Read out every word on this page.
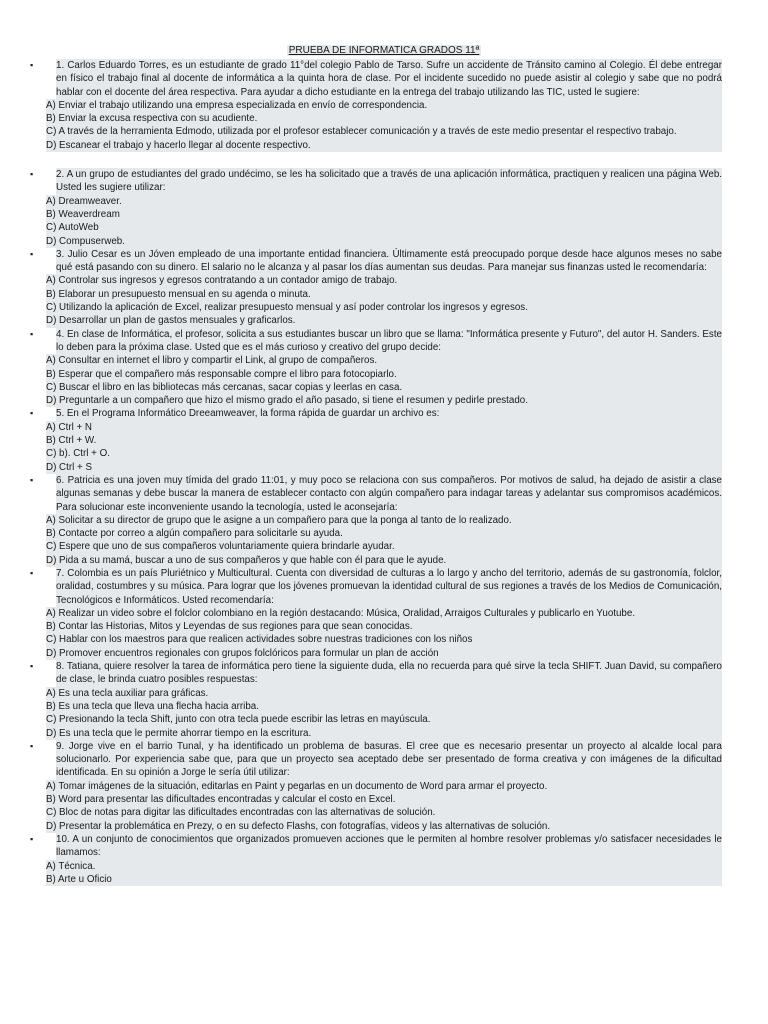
PRUEBA DE INFORMATICA GRADOS 11ª
▪ 1. Carlos Eduardo Torres, es un estudiante de grado 11°del colegio Pablo de Tarso. Sufre un accidente de Tránsito camino al Colegio. Él debe entregar en físico el trabajo final al docente de informática a la quinta hora de clase. Por el incidente sucedido no puede asistir al colegio y sabe que no podrá hablar con el docente del área respectiva. Para ayudar a dicho estudiante en la entrega del trabajo utilizando las TIC, usted le sugiere:
A) Enviar el trabajo utilizando una empresa especializada en envío de correspondencia.
B) Enviar la excusa respectiva con su acudiente.
C) A través de la herramienta Edmodo, utilizada por el profesor establecer comunicación y a través de este medio presentar el respectivo trabajo.
D) Escanear el trabajo y hacerlo llegar al docente respectivo.
▪ 2. A un grupo de estudiantes del grado undécimo, se les ha solicitado que a través de una aplicación informática, practiquen y realicen una página Web. Usted les sugiere utilizar:
A) Dreamweaver.
B) Weaverdream
C) AutoWeb
D) Compuserweb.
▪ 3. Julio Cesar es un Jóven empleado de una importante entidad financiera. Últimamente está preocupado porque desde hace algunos meses no sabe qué está pasando con su dinero. El salario no le alcanza y al pasar los días aumentan sus deudas. Para manejar sus finanzas usted le recomendaría:
A) Controlar sus ingresos y egresos contratando a un contador amigo de trabajo.
B) Elaborar un presupuesto mensual en su agenda o minuta.
C) Utilizando la aplicación de Excel, realizar presupuesto mensual y así poder controlar los ingresos y egresos.
D) Desarrollar un plan de gastos mensuales y graficarlos.
▪ 4. En clase de Informática, el profesor, solicita a sus estudiantes buscar un libro que se llama: "Informática presente y Futuro", del autor H. Sanders. Este lo deben para la próxima clase. Usted que es el más curioso y creativo del grupo decide:
A) Consultar en internet el libro y compartir el Link, al grupo de compañeros.
B) Esperar que el compañero más responsable compre el libro para fotocopiarlo.
C) Buscar el libro en las bibliotecas más cercanas, sacar copias y leerlas en casa.
D) Preguntarle a un compañero que hizo el mismo grado el año pasado, si tiene el resumen y pedirle prestado.
▪ 5. En el Programa Informático Dreeamweaver, la forma rápida de guardar un archivo es:
A) Ctrl + N
B) Ctrl + W.
C) b). Ctrl + O.
D) Ctrl + S
▪ 6. Patricia es una joven muy tímida del grado 11:01, y muy poco se relaciona con sus compañeros. Por motivos de salud, ha dejado de asistir a clase algunas semanas y debe buscar la manera de establecer contacto con algún compañero para indagar tareas y adelantar sus compromisos académicos. Para solucionar este inconveniente usando la tecnología, usted le aconsejaría:
A) Solicitar a su director de grupo que le asigne a un compañero para que la ponga al tanto de lo realizado.
B) Contacte por correo a algún compañero para solicitarle su ayuda.
C) Espere que uno de sus compañeros voluntariamente quiera brindarle ayudar.
D) Pida a su mamá, buscar a uno de sus compañeros y que hable con él para que le ayude.
▪ 7. Colombia es un país Pluriétnico y Multicultural. Cuenta con diversidad de culturas a lo largo y ancho del territorio, además de su gastronomía, folclor, oralidad, costumbres y su música. Para lograr que los jóvenes promuevan la identidad cultural de sus regiones a través de los Medios de Comunicación, Tecnológicos e Informáticos. Usted recomendaría:
A) Realizar un video sobre el folclor colombiano en la región destacando: Música, Oralidad, Arraigos Culturales y publicarlo en Yuotube.
B) Contar las Historias, Mitos y Leyendas de sus regiones para que sean conocidas.
C) Hablar con los maestros para que realicen actividades sobre nuestras tradiciones con los niños
D) Promover encuentros regionales con grupos folclóricos para formular un plan de acción
▪ 8. Tatiana, quiere resolver la tarea de informática pero tiene la siguiente duda, ella no recuerda para qué sirve la tecla SHIFT. Juan David, su compañero de clase, le brinda cuatro posibles respuestas:
A) Es una tecla auxiliar para gráficas.
B) Es una tecla que lleva una flecha hacia arriba.
C) Presionando la tecla Shift, junto con otra tecla puede escribir las letras en mayúscula.
D) Es una tecla que le permite ahorrar tiempo en la escritura.
▪ 9. Jorge vive en el barrio Tunal, y ha identificado un problema de basuras. El cree que es necesario presentar un proyecto al alcalde local para solucionarlo. Por experiencia sabe que, para que un proyecto sea aceptado debe ser presentado de forma creativa y con imágenes de la dificultad identificada. En su opinión a Jorge le sería útil utilizar:
A) Tomar imágenes de la situación, editarlas en Paint y pegarlas en un documento de Word para armar el proyecto.
B) Word para presentar las dificultades encontradas y calcular el costo en Excel.
C) Bloc de notas para digitar las dificultades encontradas con las alternativas de solución.
D) Presentar la problemática en Prezy, o en su defecto Flashs, con fotografías, videos y las alternativas de solución.
▪ 10. A un conjunto de conocimientos que organizados promueven acciones que le permiten al hombre resolver problemas y/o satisfacer necesidades le llamamos:
A) Técnica.
B) Arte u Oficio
